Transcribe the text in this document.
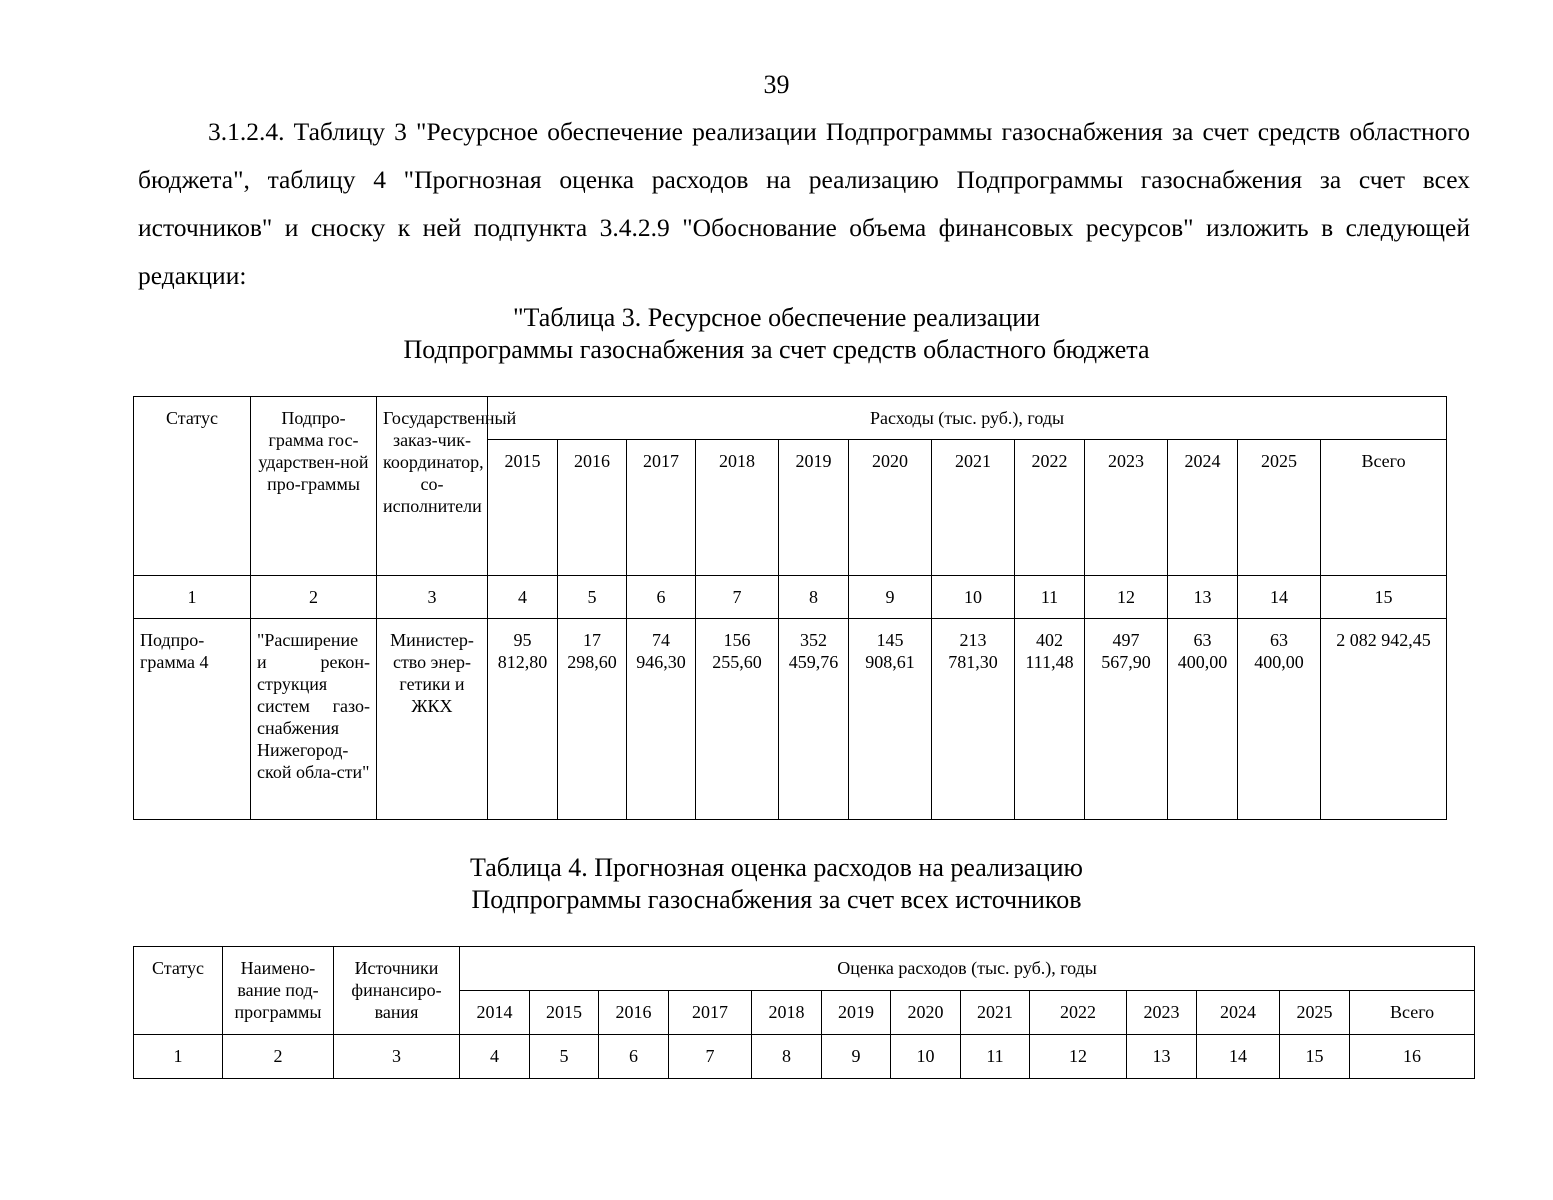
39

3.1.2.4. Таблицу 3 "Ресурсное обеспечение реализации Подпрограммы газоснабжения за счет средств областного бюджета", таблицу 4 "Прогнозная оценка расходов на реализацию Подпрограммы газоснабжения за счет всех источников" и сноску к ней подпункта 3.4.2.9 "Обоснование объема финансовых ресурсов" изложить в следующей редакции:

"Таблица 3. Ресурсное обеспечение реализации
Подпрограммы газоснабжения за счет средств областного бюджета
Статус	Подпро-грамма гос-ударствен-ной про-граммы	Государственный заказ-чик-координатор, со-исполнители	Расходы (тыс. руб.), годы											
			2015	2016	2017	2018	2019	2020	2021	2022	2023	2024	2025	Всего
1	2	3	4	5	6	7	8	9	10	11	12	13	14	15
Подпро-грамма 4	"Расширение и рекон-струкция систем газо-снабжения Нижегород-ской обла-сти"	Министер-ство энер-гетики и ЖКХ	95 812,80	17 298,60	74 946,30	156 255,60	352 459,76	145 908,61	213 781,30	402 111,48	497 567,90	63 400,00	63 400,00	2 082 942,45
Таблица 4. Прогнозная оценка расходов на реализацию
Подпрограммы газоснабжения за счет всех источников
Статус	Наимено-вание под-программы	Источники финансиро-вания	Оценка расходов (тыс. руб.), годы												
			2014	2015	2016	2017	2018	2019	2020	2021	2022	2023	2024	2025	Всего
1	2	3	4	5	6	7	8	9	10	11	12	13	14	15	16
